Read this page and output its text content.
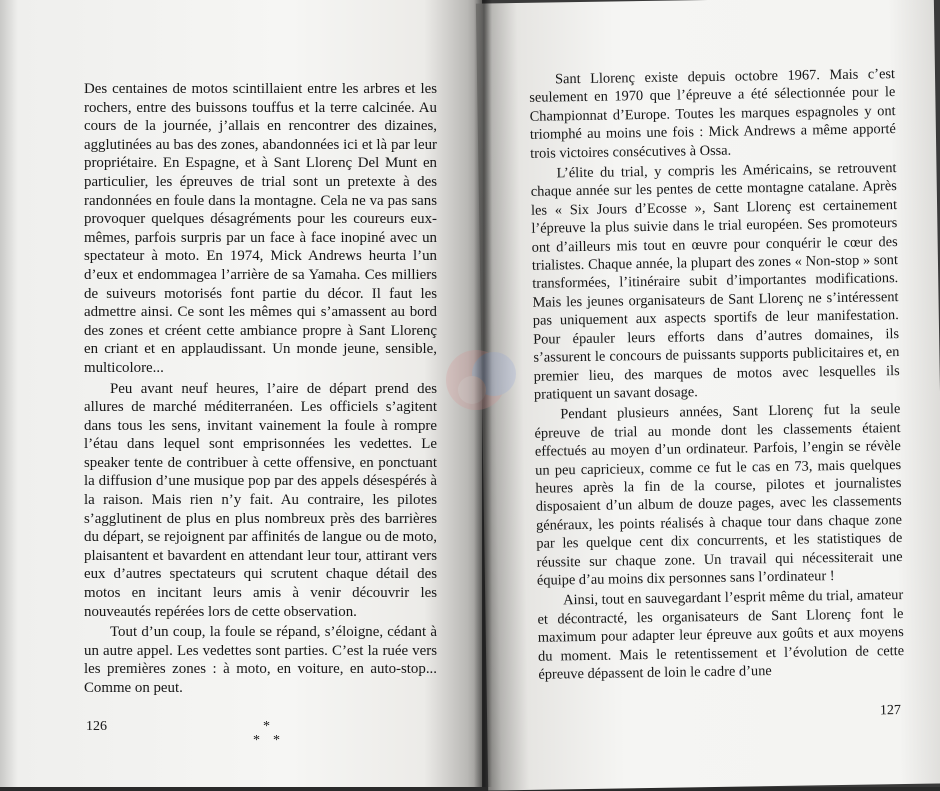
Des centaines de motos scintillaient entre les arbres et les rochers, entre des buissons touffus et la terre calcinée. Au cours de la journée, j’allais en rencontrer des dizaines, agglutinées au bas des zones, abandonnées ici et là par leur propriétaire. En Espagne, et à Sant Llorenç Del Munt en particulier, les épreuves de trial sont un pretexte à des randonnées en foule dans la montagne. Cela ne va pas sans provoquer quelques désagréments pour les coureurs eux-mêmes, parfois surpris par un face à face inopiné avec un spectateur à moto. En 1974, Mick Andrews heurta l’un d’eux et endommagea l’arrière de sa Yamaha. Ces milliers de suiveurs motorisés font partie du décor. Il faut les admettre ainsi. Ce sont les mêmes qui s’amassent au bord des zones et créent cette ambiance propre à Sant Llorenç en criant et en applaudissant. Un monde jeune, sensible, multicolore...

Peu avant neuf heures, l’aire de départ prend des allures de marché méditerranéen. Les officiels s’agitent dans tous les sens, invitant vainement la foule à rompre l’étau dans lequel sont emprisonnées les vedettes. Le speaker tente de contribuer à cette offensive, en ponctuant la diffusion d’une musique pop par des appels désespérés à la raison. Mais rien n’y fait. Au contraire, les pilotes s’agglutinent de plus en plus nombreux près des barrières du départ, se rejoignent par affinités de langue ou de moto, plaisantent et bavardent en attendant leur tour, attirant vers eux d’autres spectateurs qui scrutent chaque détail des motos en incitant leurs amis à venir découvrir les nouveautés repérées lors de cette observation.

Tout d’un coup, la foule se répand, s’éloigne, cédant à un autre appel. Les vedettes sont parties. C’est la ruée vers les premières zones : à moto, en voiture, en auto-stop... Comme on peut.

*
*  *
126

Sant Llorenç existe depuis octobre 1967. Mais c’est seulement en 1970 que l’épreuve a été sélectionnée pour le Championnat d’Europe. Toutes les marques espagnoles y ont triomphé au moins une fois : Mick Andrews a même apporté trois victoires consécutives à Ossa.

L’élite du trial, y compris les Américains, se retrouvent chaque année sur les pentes de cette montagne catalane. Après les « Six Jours d’Ecosse », Sant Llorenç est certainement l’épreuve la plus suivie dans le trial européen. Ses promoteurs ont d’ailleurs mis tout en œuvre pour conquérir le cœur des trialistes. Chaque année, la plupart des zones « Non-stop » sont transformées, l’itinéraire subit d’importantes modifications. Mais les jeunes organisateurs de Sant Llorenç ne s’intéressent pas uniquement aux aspects sportifs de leur manifestation. Pour épauler leurs efforts dans d’autres domaines, ils s’assurent le concours de puissants supports publicitaires et, en premier lieu, des marques de motos avec lesquelles ils pratiquent un savant dosage.

Pendant plusieurs années, Sant Llorenç fut la seule épreuve de trial au monde dont les classements étaient effectués au moyen d’un ordinateur. Parfois, l’engin se révèle un peu capricieux, comme ce fut le cas en 73, mais quelques heures après la fin de la course, pilotes et journalistes disposaient d’un album de douze pages, avec les classements généraux, les points réalisés à chaque tour dans chaque zone par les quelque cent dix concurrents, et les statistiques de réussite sur chaque zone. Un travail qui nécessiterait une équipe d’au moins dix personnes sans l’ordinateur !

Ainsi, tout en sauvegardant l’esprit même du trial, amateur et décontracté, les organisateurs de Sant Llorenç font le maximum pour adapter leur épreuve aux goûts et aux moyens du moment. Mais le retentissement et l’évolution de cette épreuve dépassent de loin le cadre d’une

127
